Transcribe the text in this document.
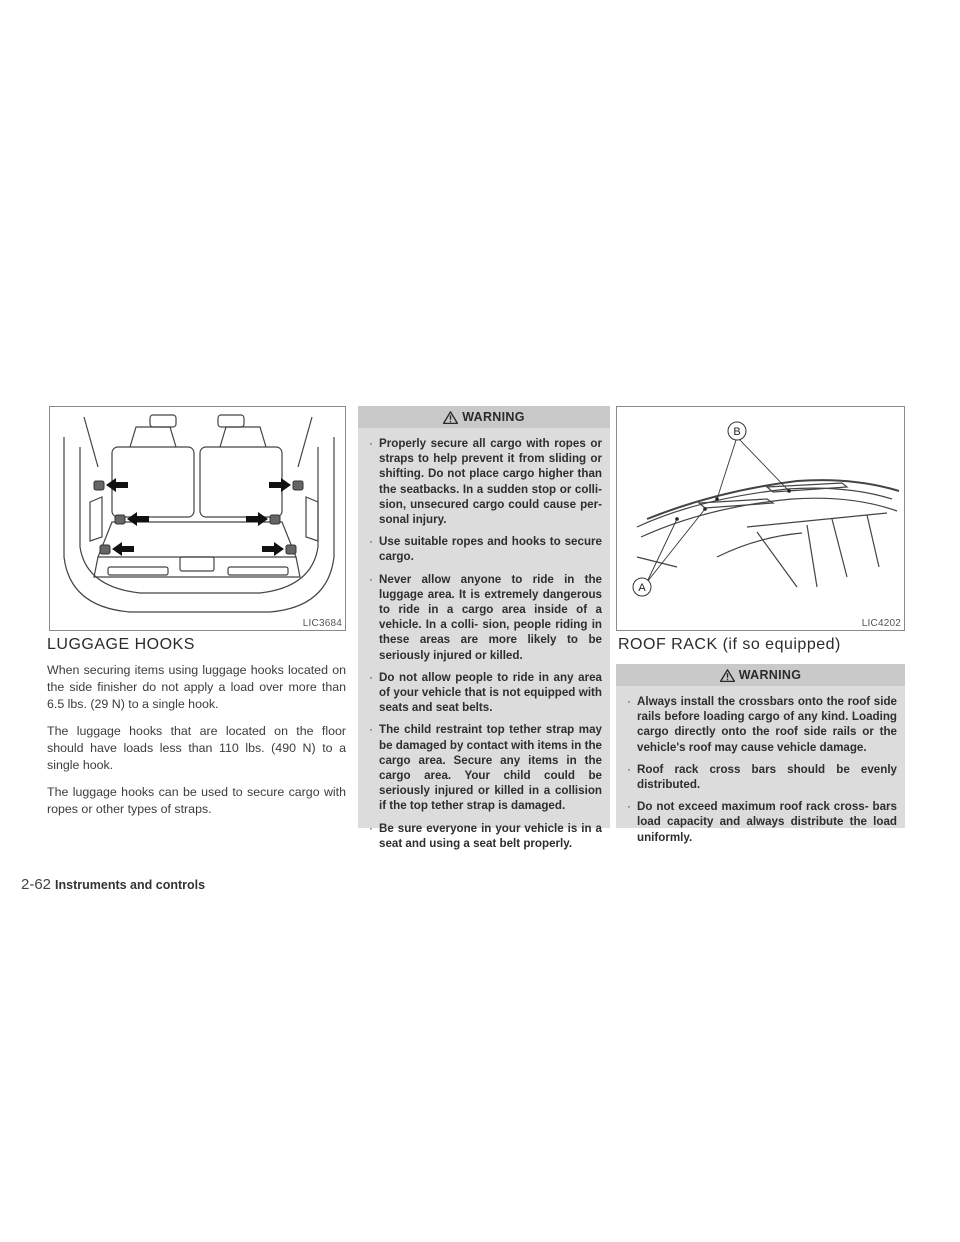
LIC3684
LUGGAGE HOOKS

When securing items using luggage hooks located on the side finisher do not apply a load over more than 6.5 lbs. (29 N) to a single hook.

The luggage hooks that are located on the floor should have loads less than 110 lbs. (490 N) to a single hook.

The luggage hooks can be used to secure cargo with ropes or other types of straps.

WARNING
· Properly secure all cargo with ropes or straps to help prevent it from sliding or shifting. Do not place cargo higher than the seatbacks. In a sudden stop or colli- sion, unsecured cargo could cause per- sonal injury.
· Use suitable ropes and hooks to secure cargo.
· Never allow anyone to ride in the luggage area. It is extremely dangerous to ride in a cargo area inside of a vehicle. In a colli- sion, people riding in these areas are more likely to be seriously injured or killed.
· Do not allow people to ride in any area of your vehicle that is not equipped with seats and seat belts.
· The child restraint top tether strap may be damaged by contact with items in the cargo area. Secure any items in the cargo area. Your child could be seriously injured or killed in a collision if the top tether strap is damaged.
· Be sure everyone in your vehicle is in a seat and using a seat belt properly.
B
A
LIC4202
ROOF RACK (if so equipped)
WARNING
· Always install the crossbars onto the roof side rails before loading cargo of any kind. Loading cargo directly onto the roof side rails or the vehicle's roof may cause vehicle damage.
· Roof rack cross bars should be evenly distributed.
· Do not exceed maximum roof rack cross- bars load capacity and always distribute the load uniformly.
2-62 Instruments and controls
